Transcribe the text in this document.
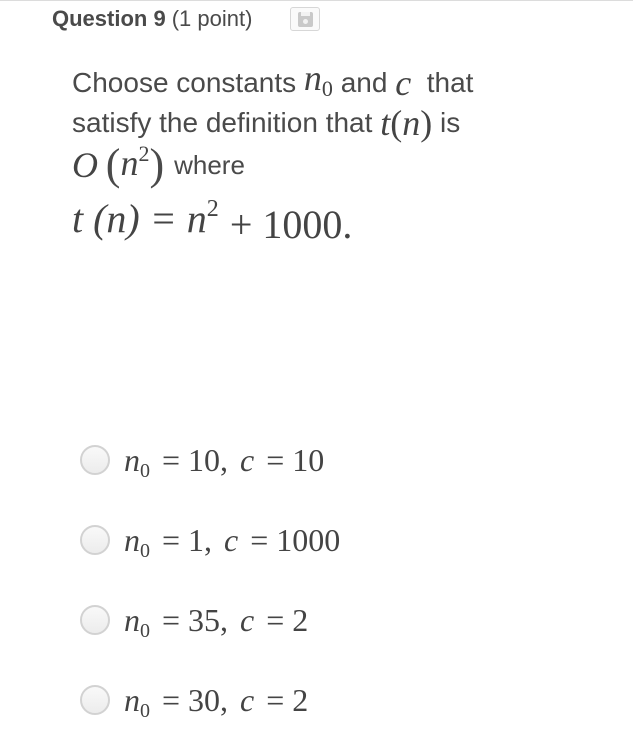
Question 9 (1 point)
Choose constants
n0
and
c
that
satisfy the definition that
t ( n )
is
O
( $n^2$ ) where
t $(n) = n^2$
+ 1000.
n0 = 10, c = 10
n0 = 1, c = 1000
n0 = 35, c = 2
n0 = 30, c = 2
